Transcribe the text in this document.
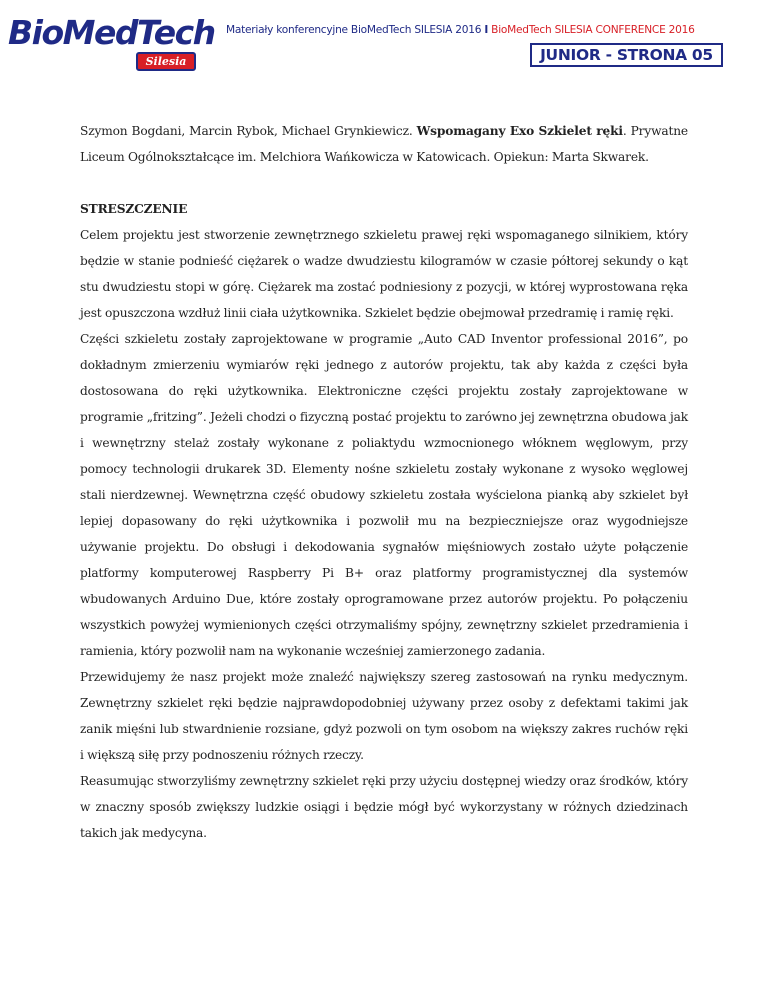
BioMedTech
Silesia
Materiały konferencyjne BioMedTech SILESIA 2016 I BioMedTech SILESIA CONFERENCE 2016
JUNIOR - STRONA 05

Szymon Bogdani, Marcin Rybok, Michael Grynkiewicz. Wspomagany Exo Szkielet ręki. Prywatne Liceum Ogólnokształcące im. Melchiora Wańkowicza w Katowicach. Opiekun: Marta Skwarek.

STRESZCZENIE

Celem projektu jest stworzenie zewnętrznego szkieletu prawej ręki wspomaganego silnikiem, który będzie w stanie podnieść ciężarek o wadze dwudziestu kilogramów w czasie półtorej sekundy o kąt stu dwudziestu stopi w górę. Ciężarek ma zostać podniesiony z pozycji, w której wyprostowana ręka jest opuszczona wzdłuż linii ciała użytkownika. Szkielet będzie obejmował przedramię i ramię ręki.

Części szkieletu zostały zaprojektowane w programie „Auto CAD Inventor professional 2016”, po dokładnym zmierzeniu wymiarów ręki jednego z autorów projektu, tak aby każda z części była dostosowana do ręki użytkownika. Elektroniczne części projektu zostały zaprojektowane w programie „fritzing”. Jeżeli chodzi o fizyczną postać projektu to zarówno jej zewnętrzna obudowa jak i wewnętrzny stelaż zostały wykonane z poliaktydu wzmocnionego włóknem węglowym, przy pomocy technologii drukarek 3D. Elementy nośne szkieletu zostały wykonane z wysoko węglowej stali nierdzewnej. Wewnętrzna część obudowy szkieletu została wyścielona pianką aby szkielet był lepiej dopasowany do ręki użytkownika i pozwolił mu na bezpieczniejsze oraz wygodniejsze używanie projektu. Do obsługi i dekodowania sygnałów mięśniowych zostało użyte połączenie platformy komputerowej Raspberry Pi B+ oraz platformy programistycznej dla systemów wbudowanych Arduino Due, które zostały oprogramowane przez autorów projektu. Po połączeniu wszystkich powyżej wymienionych części otrzymaliśmy spójny, zewnętrzny szkielet przedramienia i ramienia, który pozwolił nam na wykonanie wcześniej zamierzonego zadania.

Przewidujemy że nasz projekt może znaleźć największy szereg zastosowań na rynku medycznym. Zewnętrzny szkielet ręki będzie najprawdopodobniej używany przez osoby z defektami takimi jak zanik mięśni lub stwardnienie rozsiane, gdyż pozwoli on tym osobom na większy zakres ruchów ręki i większą siłę przy podnoszeniu różnych rzeczy.

Reasumując stworzyliśmy zewnętrzny szkielet ręki przy użyciu dostępnej wiedzy oraz środków, który w znaczny sposób zwiększy ludzkie osiągi i będzie mógł być wykorzystany w różnych dziedzinach takich jak medycyna.
